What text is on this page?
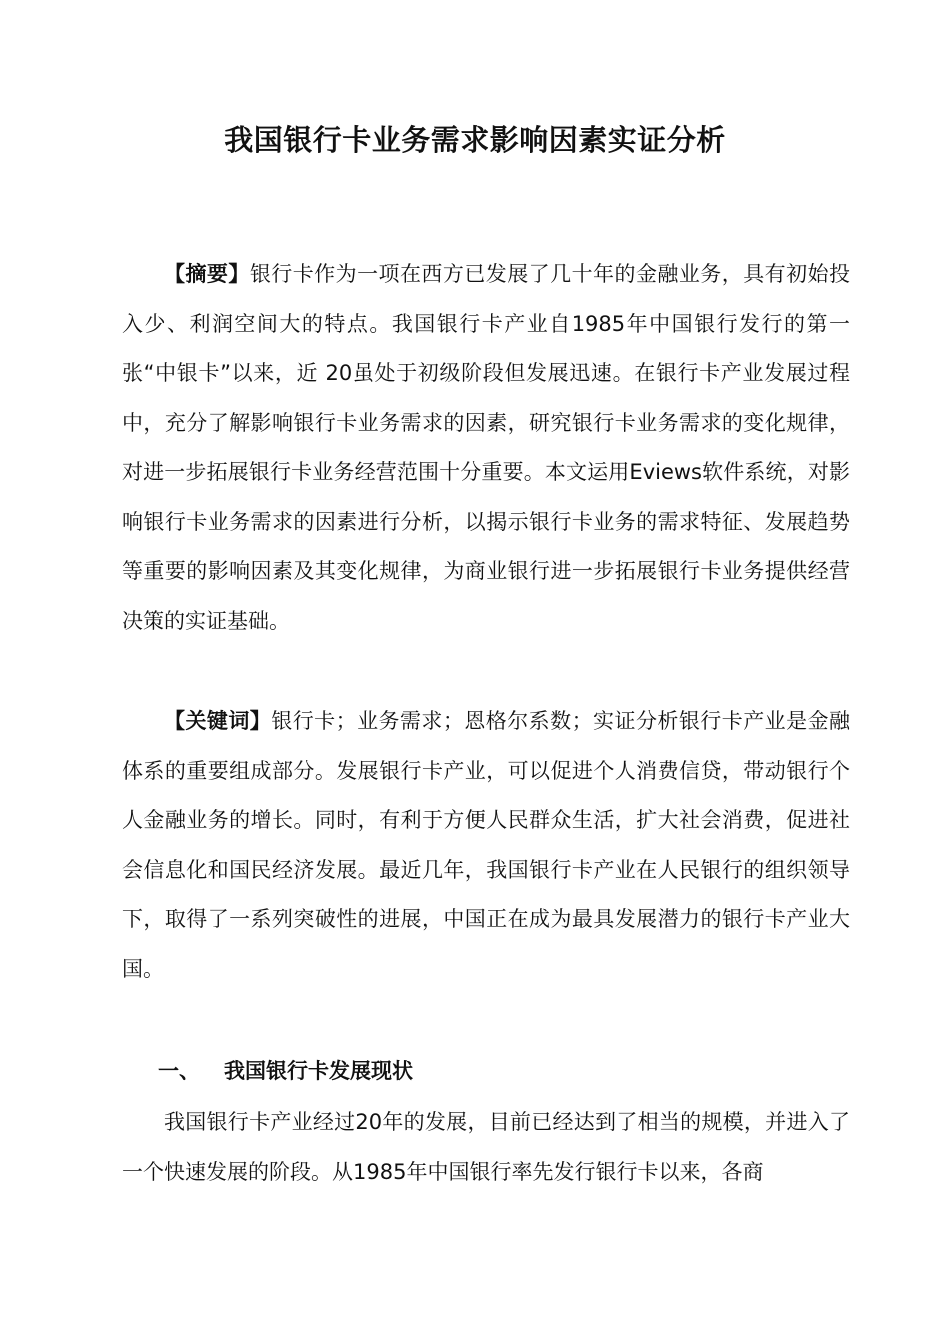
我国银行卡业务需求影响因素实证分析

【摘要】银行卡作为一项在西方已发展了几十年的金融业务，具有初始投入少、利润空间大的特点。我国银行卡产业自1985年中国银行发行的第一张“中银卡”以来，近 20虽处于初级阶段但发展迅速。在银行卡产业发展过程中，充分了解影响银行卡业务需求的因素，研究银行卡业务需求的变化规律，对进一步拓展银行卡业务经营范围十分重要。本文运用Eviews软件系统，对影响银行卡业务需求的因素进行分析，以揭示银行卡业务的需求特征、发展趋势等重要的影响因素及其变化规律，为商业银行进一步拓展银行卡业务提供经营决策的实证基础。

【关键词】银行卡；业务需求；恩格尔系数；实证分析银行卡产业是金融体系的重要组成部分。发展银行卡产业，可以促进个人消费信贷，带动银行个人金融业务的增长。同时，有利于方便人民群众生活，扩大社会消费，促进社会信息化和国民经济发展。最近几年，我国银行卡产业在人民银行的组织领导下，取得了一系列突破性的进展，中国正在成为最具发展潜力的银行卡产业大国。

一、 我国银行卡发展现状

我国银行卡产业经过20年的发展，目前已经达到了相当的规模，并进入了一个快速发展的阶段。从1985年中国银行率先发行银行卡以来，各商
